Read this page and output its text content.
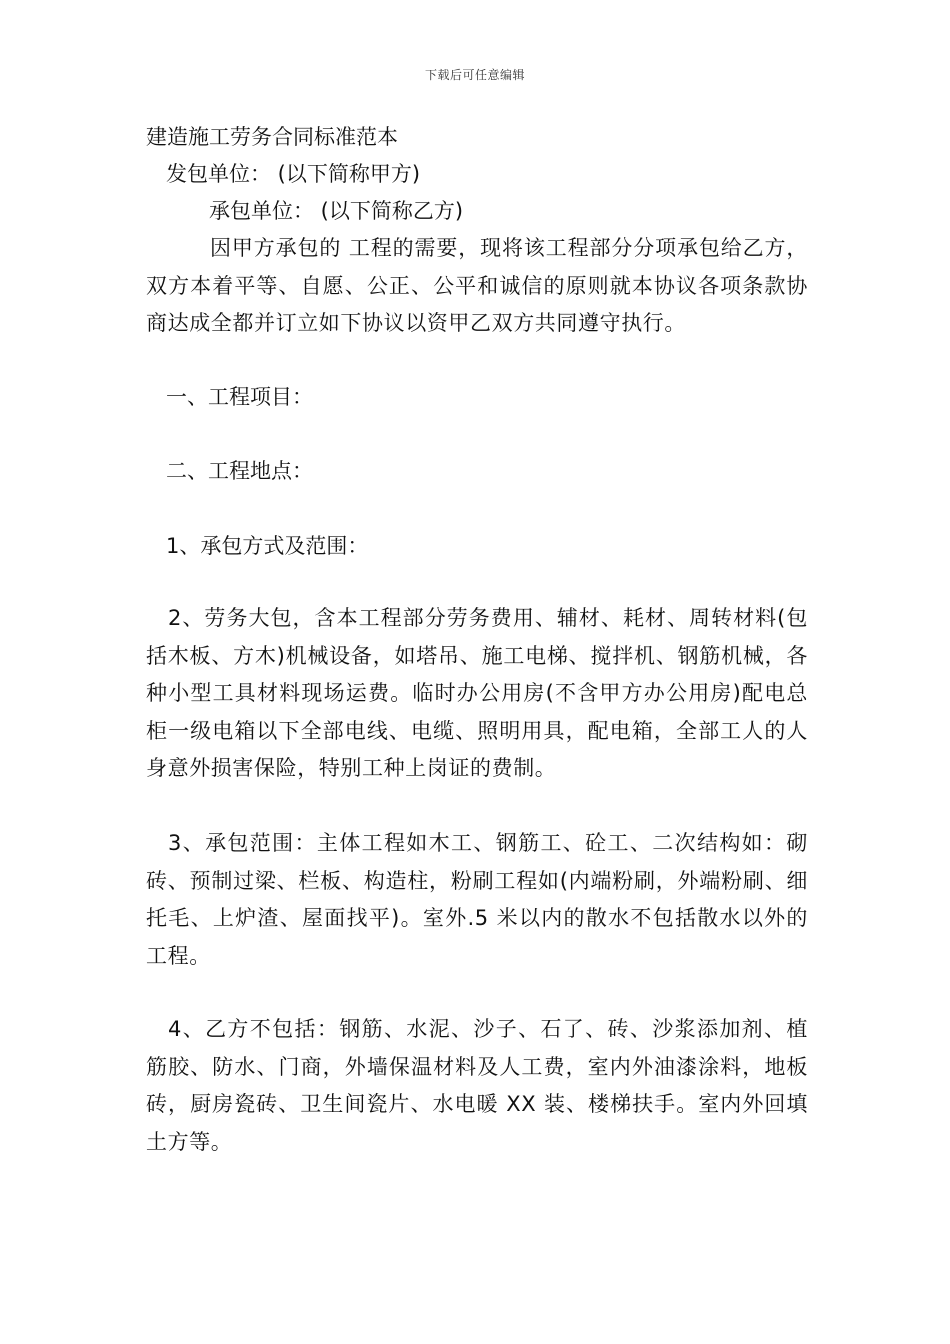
下载后可任意编辑
建造施工劳务合同标准范本
发包单位： (以下简称甲方)
承包单位： (以下简称乙方)
因甲方承包的 工程的需要，现将该工程部分分项承包给乙方，双方本着平等、自愿、公正、公平和诚信的原则就本协议各项条款协商达成全都并订立如下协议以资甲乙双方共同遵守执行。
一、工程项目：
二、工程地点：
1、承包方式及范围：
2、劳务大包，含本工程部分劳务费用、辅材、耗材、周转材料(包括木板、方木)机械设备，如塔吊、施工电梯、搅拌机、钢筋机械，各种小型工具材料现场运费。临时办公用房(不含甲方办公用房)配电总柜一级电箱以下全部电线、电缆、照明用具，配电箱，全部工人的人身意外损害保险，特别工种上岗证的费制。
3、承包范围：主体工程如木工、钢筋工、砼工、二次结构如：砌砖、预制过梁、栏板、构造柱，粉刷工程如(内端粉刷，外端粉刷、细托毛、上炉渣、屋面找平)。室外.5 米以内的散水不包括散水以外的工程。
4、乙方不包括：钢筋、水泥、沙子、石了、砖、沙浆添加剂、植筋胶、防水、门商，外墙保温材料及人工费，室内外油漆涂料，地板砖，厨房瓷砖、卫生间瓷片、水电暖 XX 装、楼梯扶手。室内外回填土方等。
